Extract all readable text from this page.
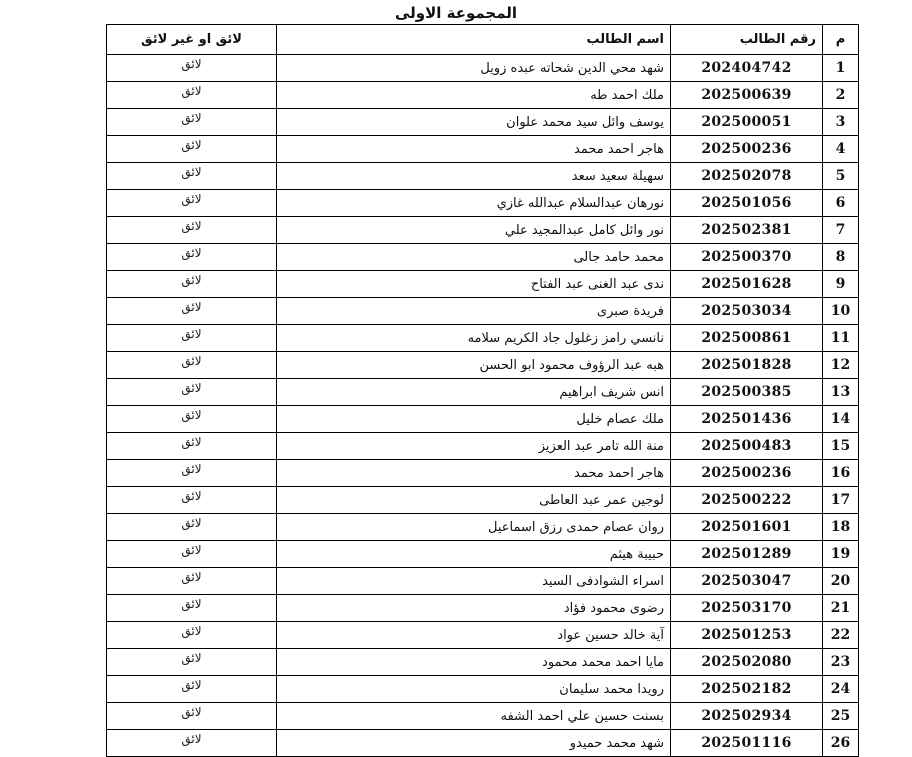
المجموعة الاولى
لائق او غير لائق	اسم الطالب	رقم الطالب	م
لائق	شهد محي الدين شحاته عبده زويل	202404742	1
لائق	ملك احمد طه	202500639	2
لائق	يوسف وائل سيد محمد علوان	202500051	3
لائق	هاجر احمد محمد	202500236	4
لائق	سهيلة سعيد سعد	202502078	5
لائق	نورهان عبدالسلام عبدالله غازي	202501056	6
لائق	نور وائل كامل عبدالمجيد علي	202502381	7
لائق	محمد حامد جالى	202500370	8
لائق	ندى عبد الغنى عبد الفتاح	202501628	9
لائق	فريدة صبرى	202503034	10
لائق	نانسي رامز زغلول جاد الكريم سلامه	202500861	11
لائق	هبه عبد الرؤوف محمود ابو الحسن	202501828	12
لائق	انس شريف ابراهيم	202500385	13
لائق	ملك عصام خليل	202501436	14
لائق	منة الله تامر عبد العزيز	202500483	15
لائق	هاجر احمد محمد	202500236	16
لائق	لوجين عمر عبد العاطى	202500222	17
لائق	روان عصام حمدى رزق اسماعيل	202501601	18
لائق	حبيبة هيثم	202501289	19
لائق	اسراء الشوادفى السيد	202503047	20
لائق	رضوى محمود فؤاد	202503170	21
لائق	آية خالد حسين عواد	202501253	22
لائق	مايا احمد محمد محمود	202502080	23
لائق	رويدا محمد سليمان	202502182	24
لائق	بسنت حسين علي احمد الشفه	202502934	25
لائق	شهد محمد حميدو	202501116	26
